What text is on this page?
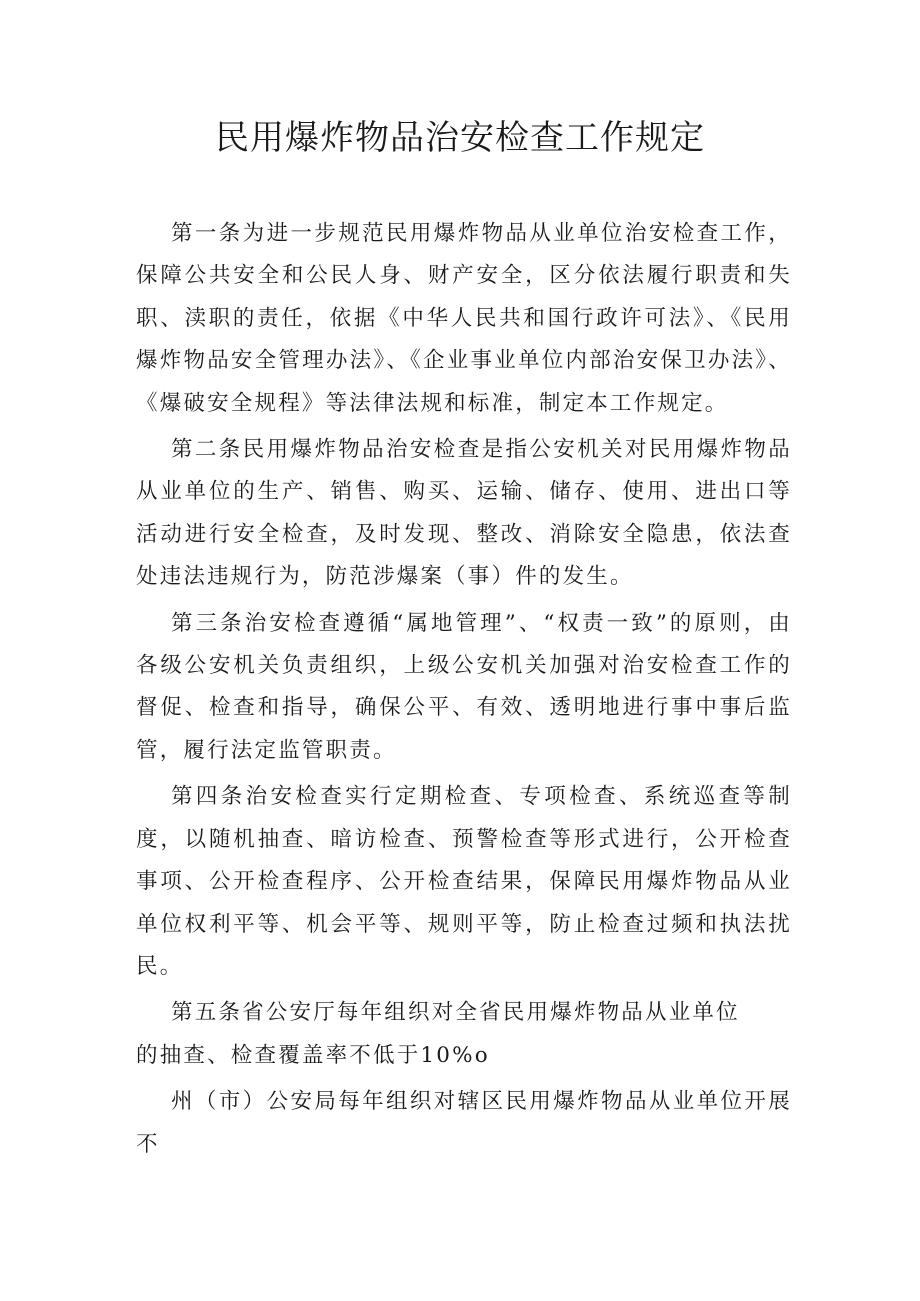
民用爆炸物品治安检查工作规定

第一条为进一步规范民用爆炸物品从业单位治安检查工作，保障公共安全和公民人身、财产安全，区分依法履行职责和失职、渎职的责任，依据《中华人民共和国行政许可法》、《民用爆炸物品安全管理办法》、《企业事业单位内部治安保卫办法》、《爆破安全规程》等法律法规和标准，制定本工作规定。

第二条民用爆炸物品治安检查是指公安机关对民用爆炸物品从业单位的生产、销售、购买、运输、储存、使用、进出口等活动进行安全检查，及时发现、整改、消除安全隐患，依法查处违法违规行为，防范涉爆案（事）件的发生。

第三条治安检查遵循“属地管理”、“权责一致”的原则，由各级公安机关负责组织，上级公安机关加强对治安检查工作的督促、检查和指导，确保公平、有效、透明地进行事中事后监管，履行法定监管职责。

第四条治安检查实行定期检查、专项检查、系统巡查等制度，以随机抽查、暗访检查、预警检查等形式进行，公开检查事项、公开检查程序、公开检查结果，保障民用爆炸物品从业单位权利平等、机会平等、规则平等，防止检查过频和执法扰民。

第五条省公安厅每年组织对全省民用爆炸物品从业单位

的抽查、检查覆盖率不低于10%o

州（市）公安局每年组织对辖区民用爆炸物品从业单位开展不
